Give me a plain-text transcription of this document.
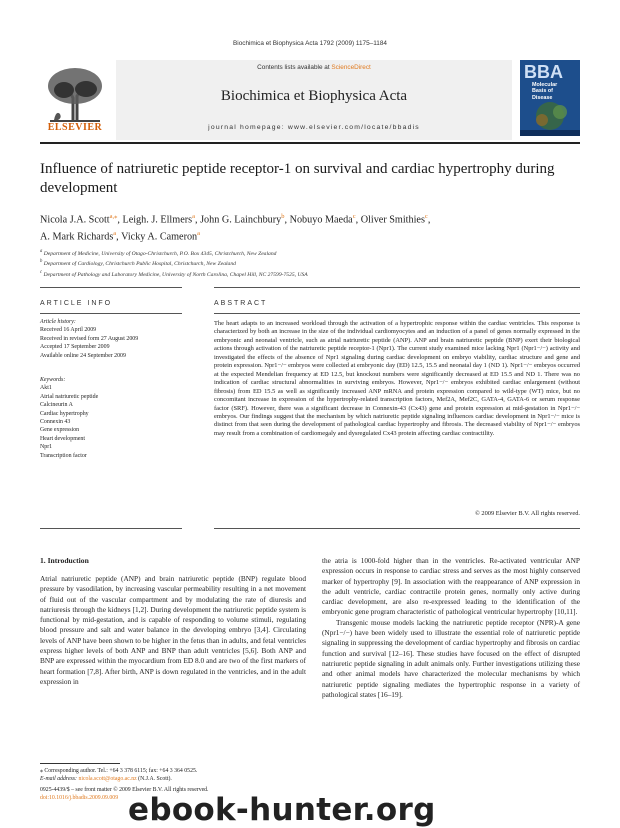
Biochimica et Biophysica Acta 1792 (2009) 1175–1184
ELSEVIER
Contents lists available at ScienceDirect
Biochimica et Biophysica Acta
journal homepage: www.elsevier.com/locate/bbadis
BBA
Molecular
Basis of
Disease
Influence of natriuretic peptide receptor-1 on survival and cardiac hypertrophy during development
Nicola J.A. Scott$^{a,⁎}$, Leigh. J. Ellmers$^a$, John G. Lainchbury$^b$, Nobuyo Maeda$^c$, Oliver Smithies$^c$,
A. Mark Richards$^a$, Vicky A. Cameron$^a$
$^a$ Department of Medicine, University of Otago-Christchurch, P.O. Box 4345, Christchurch, New Zealand
$^b$ Department of Cardiology, Christchurch Public Hospital, Christchurch, New Zealand
$^c$ Department of Pathology and Laboratory Medicine, University of North Carolina, Chapel Hill, NC 27599-7525, USA
ARTICLE INFO	ABSTRACT
Article history:
Received 16 April 2009
Received in revised form 27 August 2009
Accepted 17 September 2009
Available online 24 September 2009
Keywords:
Akt1
Atrial natriuretic peptide
Calcineurin A
Cardiac hypertrophy
Connexin 43
Gene expression
Heart development
Npr1
Transcription factor
The heart adapts to an increased workload through the activation of a hypertrophic response within the cardiac ventricles. This response is characterized by both an increase in the size of the individual cardiomyocytes and an induction of a panel of genes normally expressed in the embryonic and neonatal ventricle, such as atrial natriuretic peptide (ANP). ANP and brain natriuretic peptide (BNP) exert their biological actions through activation of the natriuretic peptide receptor-1 (Npr1). The current study examined mice lacking Npr1 (Npr1−/−) activity and investigated the effects of the absence of Npr1 signaling during cardiac development on embryo viability, cardiac structure and gene and protein expression. Npr1−/− embryos were collected at embryonic day (ED) 12.5, 15.5 and neonatal day 1 (ND 1). Npr1−/− embryos occurred at the expected Mendelian frequency at ED 12.5, but knockout numbers were significantly decreased at ED 15.5 and ND 1. There was no indication of cardiac structural abnormalities in surviving embryos. However, Npr1−/− embryos exhibited cardiac enlargement (without fibrosis) from ED 15.5 as well as significantly increased ANP mRNA and protein expression compared to wild-type (WT) mice, but no concomitant increase in expression of the hypertrophy-related transcription factors, Mef2A, Mef2C, GATA-4, GATA-6 or serum response factor (SRF). However, there was a significant decrease in Connexin-43 (Cx43) gene and protein expression at mid-gestation in Npr1−/− embryos. Our findings suggest that the mechanism by which natriuretic peptide signaling influences cardiac development in Npr1−/− mice is distinct from that seen during the development of pathological cardiac hypertrophy and fibrosis. The decreased viability of Npr1−/− embryos may result from a combination of cardiomegaly and dysregulated Cx43 protein affecting cardiac contractility.
© 2009 Elsevier B.V. All rights reserved.
1. Introduction
Atrial natriuretic peptide (ANP) and brain natriuretic peptide (BNP) regulate blood pressure by vasodilation, by increasing vascular permeability resulting in a net movement of fluid out of the vascular compartment and by modulating the rate of diuresis and natriuresis through the kidneys [1,2]. During development the natriuretic peptide system is functional by mid-gestation, and is capable of responding to volume stimuli, regulating blood pressure and salt and water balance in the developing embryo [3,4]. Circulating levels of ANP have been shown to be higher in the fetus than in adults, and fetal ventricles express higher levels of both ANP and BNP than adult ventricles [5,6]. Both ANP and BNP are expressed within the myocardium from ED 8.0 and are two of the first markers of heart formation [7,8]. After birth, ANP is down regulated in the ventricles, and in the adult expression in
the atria is 1000-fold higher than in the ventricles. Re-activated ventricular ANP expression occurs in response to cardiac stress and serves as the most highly conserved marker of hypertrophy [9]. In association with the reappearance of ANP expression in the adult ventricle, cardiac contractile protein genes, normally only active during cardiac development, are also re-expressed leading to the identification of the embryonic gene program characteristic of pathological ventricular hypertrophy [10,11].
Transgenic mouse models lacking the natriuretic peptide receptor (NPR)-A gene (Npr1−/−) have been widely used to illustrate the essential role of natriuretic peptide signaling in suppressing the development of cardiac hypertrophy and fibrosis on cardiac function and survival [12–16]. These studies have focused on the effect of disrupted natriuretic peptide signaling in adult animals only. Further investigations utilizing these and other animal models have characterized the molecular mechanisms by which natriuretic peptide signaling mediates the hypertrophic response in a variety of pathological states [16–19].
⁎ Corresponding author. Tel.: +64 3 378 6115; fax: +64 3 364 0525.
E-mail address: nicola.scott@otago.ac.nz (N.J.A. Scott).
0925-4439/$ – see front matter © 2009 Elsevier B.V. All rights reserved.
doi:10.1016/j.bbadis.2009.09.009 ebook-hunter.org
